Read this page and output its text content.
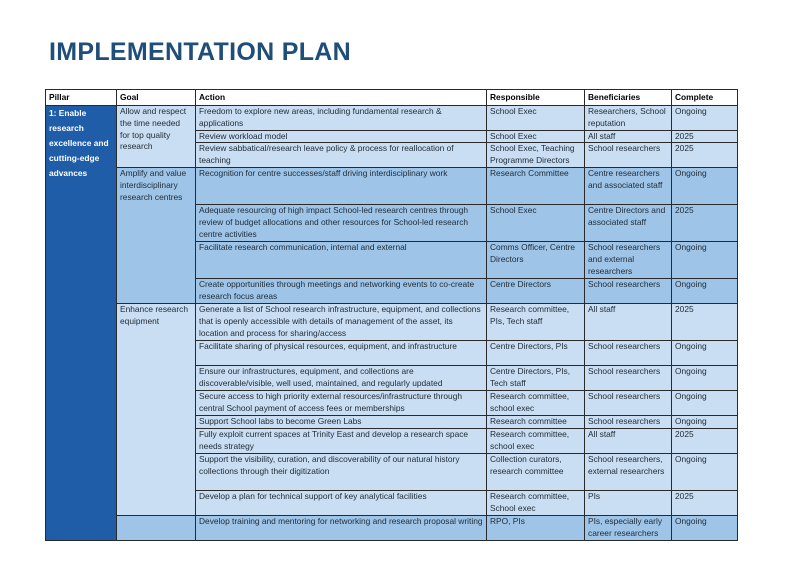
IMPLEMENTATION PLAN
Pillar	Goal	Action	Responsible	Beneficiaries	Complete
1: Enable research excellence and cutting-edge advances	Allow and respect the time needed for top quality research	Freedom to explore new areas, including fundamental research & applications	School Exec	Researchers, School reputation	Ongoing
		Review workload model	School Exec	All staff	2025
		Review sabbatical/research leave policy & process for reallocation of teaching	School Exec, Teaching Programme Directors	School researchers	2025
	Amplify and value interdisciplinary research centres	Recognition for centre successes/staff driving interdisciplinary work	Research Committee	Centre researchers and associated staff	Ongoing
		Adequate resourcing of high impact School-led research centres through review of budget allocations and other resources for School-led research centre activities	School Exec	Centre Directors and associated staff	2025
		Facilitate research communication, internal and external	Comms Officer, Centre Directors	School researchers and external researchers	Ongoing
		Create opportunities through meetings and networking events to co-create research focus areas	Centre Directors	School researchers	Ongoing
	Enhance research equipment	Generate a list of School research infrastructure, equipment, and collections that is openly accessible with details of management of the asset, its location and process for sharing/access	Research committee, PIs, Tech staff	All staff	2025
		Facilitate sharing of physical resources, equipment, and infrastructure	Centre Directors, PIs	School researchers	Ongoing
		Ensure our infrastructures, equipment, and collections are discoverable/visible, well used, maintained, and regularly updated	Centre Directors, PIs, Tech staff	School researchers	Ongoing
		Secure access to high priority external resources/infrastructure through central School payment of access fees or memberships	Research committee, school exec	School researchers	Ongoing
		Support School labs to become Green Labs	Research committee	School researchers	Ongoing
		Fully exploit current spaces at Trinity East and develop a research space needs strategy	Research committee, school exec	All staff	2025
		Support the visibility, curation, and discoverability of our natural history collections through their digitization	Collection curators, research committee	School researchers, external researchers	Ongoing
		Develop a plan for technical support of key analytical facilities	Research committee, School exec	PIs	2025
		Develop training and mentoring for networking and research proposal writing	RPO, PIs	PIs, especially early career researchers	Ongoing
